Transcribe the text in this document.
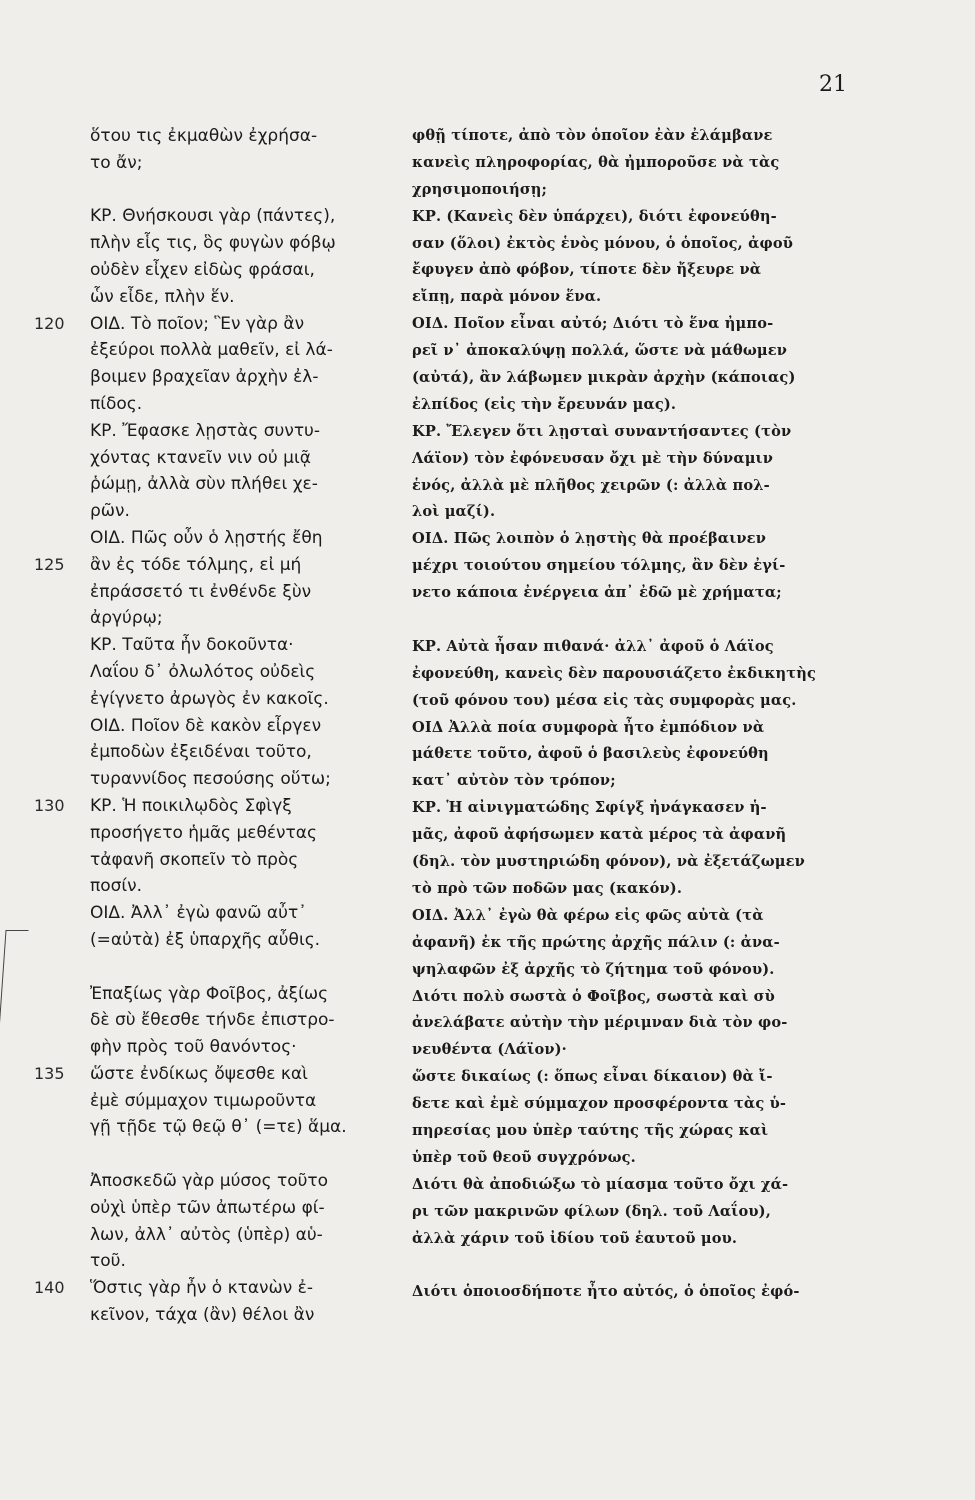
21
ὅτου τις ἐκμαθὼν ἐχρήσα-
το ἄν;
ΚΡ. Θνήσκουσι γὰρ (πάντες),
πλὴν εἷς τις, ὃς φυγὼν φόβῳ
οὐδὲν εἶχεν εἰδὼς φράσαι,
ὧν εἶδε, πλὴν ἕν.
120 ΟΙΔ. Τὸ ποῖον; Ἓν γὰρ ἂν
ἐξεύροι πολλὰ μαθεῖν, εἰ λά-
βοιμεν βραχεῖαν ἀρχὴν ἐλ-
πίδος.
ΚΡ. Ἔφασκε λῃστὰς συντυ-
χόντας κτανεῖν νιν οὐ μιᾷ
ῥώμῃ, ἀλλὰ σὺν πλήθει χε-
ρῶν.
ΟΙΔ. Πῶς οὖν ὁ λῃστής ἔθη
125 ἂν ἐς τόδε τόλμης, εἰ μή
ἐπράσσετό τι ἐνθένδε ξὺν
ἀργύρῳ;
ΚΡ. Ταῦτα ἦν δοκοῦντα·
Λαΐου δ᾽ ὀλωλότος οὐδεὶς
ἐγίγνετο ἀρωγὸς ἐν κακοῖς.
ΟΙΔ. Ποῖον δὲ κακὸν εἶργεν
ἐμποδὼν ἐξειδέναι τοῦτο,
τυραννίδος πεσούσης οὕτω;
130 ΚΡ. Ἡ ποικιλῳδὸς Σφὶγξ
προσήγετο ἡμᾶς μεθέντας
τἀφανῆ σκοπεῖν τὸ πρὸς
ποσίν.
ΟΙΔ. Ἀλλ᾽ ἐγὼ φανῶ αὖτ᾽
(=αὐτὰ) ἐξ ὑπαρχῆς αὖθις.
Ἐπαξίως γὰρ Φοῖβος, ἀξίως
δὲ σὺ ἔθεσθε τήνδε ἐπιστρο-
φὴν πρὸς τοῦ θανόντος·
135 ὥστε ἐνδίκως ὄψεσθε καὶ
ἐμὲ σύμμαχον τιμωροῦντα
γῇ τῇδε τῷ θεῷ θ᾽ (=τε) ἅμα.
Ἀποσκεδῶ γὰρ μύσος τοῦτο
οὐχὶ ὑπὲρ τῶν ἀπωτέρω φί-
λων, ἀλλ᾽ αὐτὸς (ὑπὲρ) αὑ-
τοῦ.
140 Ὅστις γὰρ ἦν ὁ κτανὼν ἐ-
κεῖνον, τάχα (ἂν) θέλοι ἂν
φθῇ τίποτε, ἀπὸ τὸν ὁποῖον ἐὰν ἐλάμβανε
κανεὶς πληροφορίας, θὰ ἠμποροῦσε νὰ τὰς
χρησιμοποιήσῃ;
ΚΡ. (Κανεὶς δὲν ὑπάρχει), διότι ἐφονεύθη-
σαν (ὅλοι) ἐκτὸς ἑνὸς μόνου, ὁ ὁποῖος, ἀφοῦ
ἔφυγεν ἀπὸ φόβον, τίποτε δὲν ἤξευρε νὰ
εἴπῃ, παρὰ μόνον ἕνα.
ΟΙΔ. Ποῖον εἶναι αὐτό; Διότι τὸ ἕνα ἠμπο-
ρεῖ ν᾽ ἀποκαλύψῃ πολλά, ὥστε νὰ μάθωμεν
(αὐτά), ἂν λάβωμεν μικρὰν ἀρχὴν (κάποιας)
ἐλπίδος (εἰς τὴν ἔρευνάν μας).
ΚΡ. Ἔλεγεν ὅτι λῃσταὶ συναντήσαντες (τὸν
Λάϊον) τὸν ἐφόνευσαν ὄχι μὲ τὴν δύναμιν
ἑνός, ἀλλὰ μὲ πλῆθος χειρῶν (: ἀλλὰ πολ-
λοὶ μαζί).
ΟΙΔ. Πῶς λοιπὸν ὁ λῃστὴς θὰ προέβαινεν
μέχρι τοιούτου σημείου τόλμης, ἂν δὲν ἐγί-
νετο κάποια ἐνέργεια ἀπ᾽ ἐδῶ μὲ χρήματα;
ΚΡ. Αὐτὰ ἦσαν πιθανά· ἀλλ᾽ ἀφοῦ ὁ Λάϊος
ἐφονεύθη, κανεὶς δὲν παρουσιάζετο ἐκδικητὴς
(τοῦ φόνου του) μέσα εἰς τὰς συμφορὰς μας.
ΟΙΔ Ἀλλὰ ποία συμφορὰ ἦτο ἐμπόδιον νὰ
μάθετε τοῦτο, ἀφοῦ ὁ βασιλεὺς ἐφονεύθη
κατ᾽ αὐτὸν τὸν τρόπον;
ΚΡ. Ἡ αἰνιγματώδης Σφίγξ ἠνάγκασεν ἡ-
μᾶς, ἀφοῦ ἀφήσωμεν κατὰ μέρος τὰ ἀφανῆ
(δηλ. τὸν μυστηριώδη φόνον), νὰ ἐξετάζωμεν
τὸ πρὸ τῶν ποδῶν μας (κακόν).
ΟΙΔ. Ἀλλ᾽ ἐγὼ θὰ φέρω εἰς φῶς αὐτὰ (τὰ
ἀφανῆ) ἐκ τῆς πρώτης ἀρχῆς πάλιν (: ἀνα-
ψηλαφῶν ἐξ ἀρχῆς τὸ ζήτημα τοῦ φόνου).
Διότι πολὺ σωστὰ ὁ Φοῖβος, σωστὰ καὶ σὺ
ἀνελάβατε αὐτὴν τὴν μέριμναν διὰ τὸν φο-
νευθέντα (Λάϊον)·
ὥστε δικαίως (: ὅπως εἶναι δίκαιον) θὰ ἴ-
δετε καὶ ἐμὲ σύμμαχον προσφέροντα τὰς ὑ-
πηρεσίας μου ὑπὲρ ταύτης τῆς χώρας καὶ
ὑπὲρ τοῦ θεοῦ συγχρόνως.
Διότι θὰ ἀποδιώξω τὸ μίασμα τοῦτο ὄχι χά-
ρι τῶν μακρινῶν φίλων (δηλ. τοῦ Λαΐου),
ἀλλὰ χάριν τοῦ ἰδίου τοῦ ἑαυτοῦ μου.
Διότι ὁποιοσδήποτε ἦτο αὐτός, ὁ ὁποῖος ἐφό-
